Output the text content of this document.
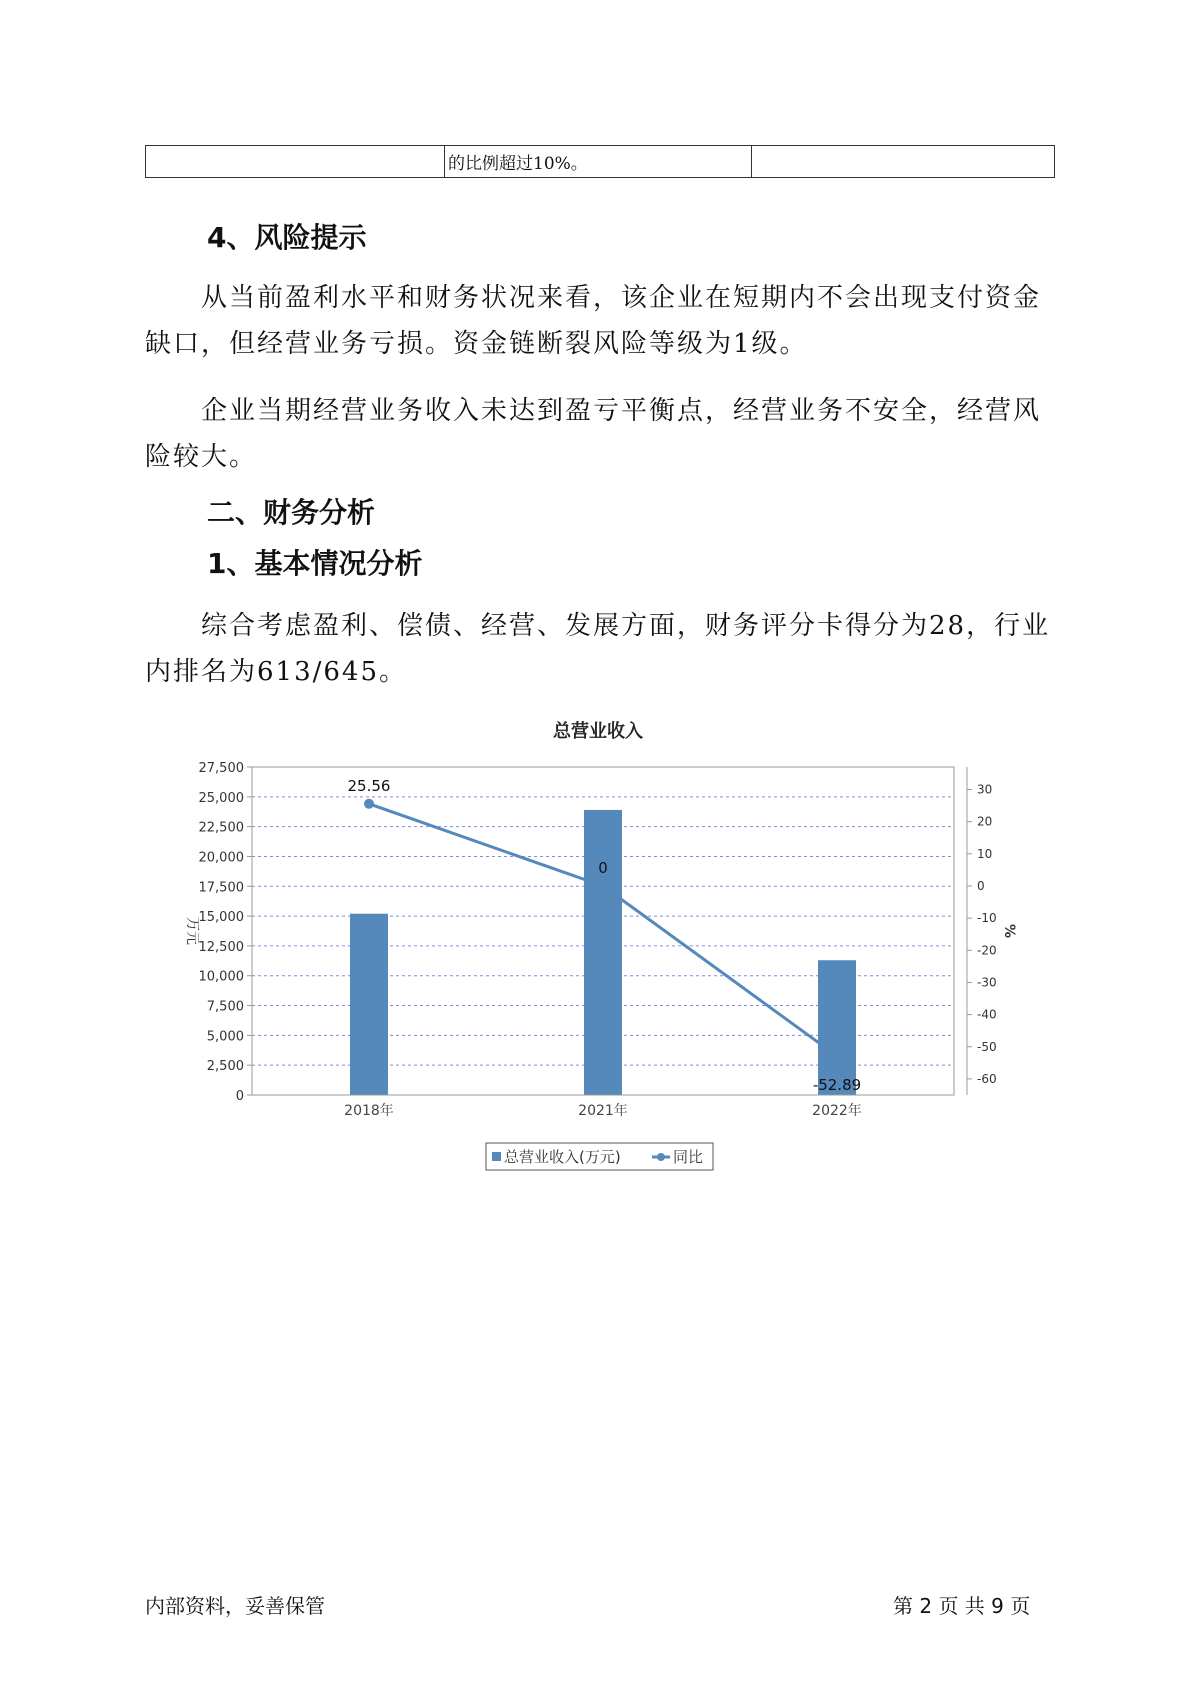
	的比例超过10%。	
4、风险提示

从当前盈利水平和财务状况来看，该企业在短期内不会出现支付资金缺口，但经营业务亏损。资金链断裂风险等级为1级。

企业当期经营业务收入未达到盈亏平衡点，经营业务不安全，经营风险较大。

二、财务分析
1、基本情况分析

综合考虑盈利、偿债、经营、发展方面，财务评分卡得分为28，行业内排名为613/645。

总营业收入
0
2,500
5,000
7,500
10,000
12,500
15,000
17,500
20,000
22,500
25,000
27,500
-60
-50
-40
-30
-20
-10
0
10
20
30
25.56
0
-52.89
2018年	2021年	2022年
万元	%
总营业收入(万元)	同比
内部资料，妥善保管	第 2 页 共 9 页
